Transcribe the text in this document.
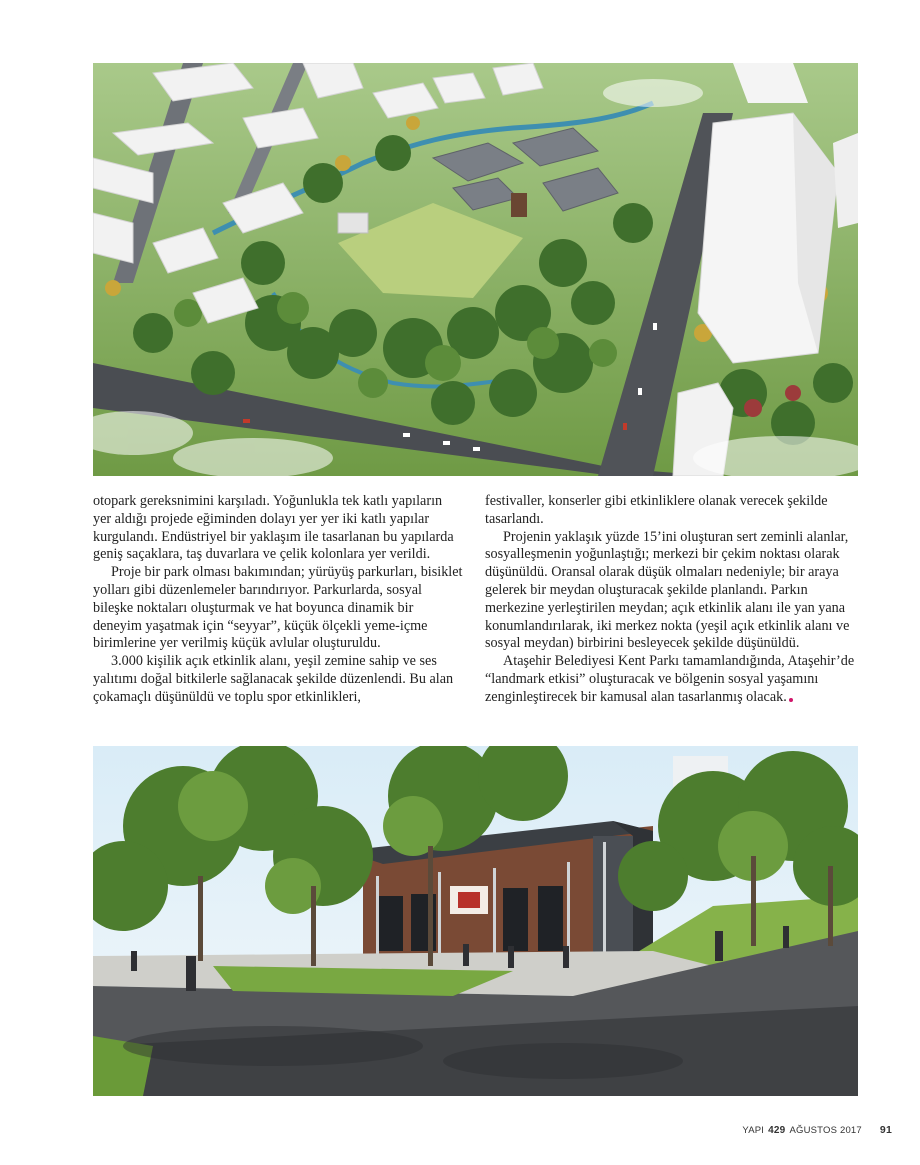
otopark gereksnimini karşıladı. Yoğunlukla tek katlı yapıların yer aldığı projede eğiminden dolayı yer yer iki katlı yapılar kurgulandı. Endüstriyel bir yaklaşım ile tasarlanan bu yapılarda geniş saçaklara, taş duvarlara ve çelik kolonlara yer verildi.

Proje bir park olması bakımından; yürüyüş parkurları, bisiklet yolları gibi düzenlemeler barındırıyor. Parkurlarda, sosyal bileşke noktaları oluşturmak ve hat boyunca dinamik bir deneyim yaşatmak için “seyyar”, küçük ölçekli yeme-içme birimlerine yer verilmiş küçük avlular oluşturuldu.

3.000 kişilik açık etkinlik alanı, yeşil zemine sahip ve ses yalıtımı doğal bitkilerle sağlanacak şekilde düzenlendi. Bu alan çokamaçlı düşünüldü ve toplu spor etkinlikleri,

festivaller, konserler gibi etkinliklere olanak verecek şekilde tasarlandı.

Projenin yaklaşık yüzde 15’ini oluşturan sert zeminli alanlar, sosyalleşmenin yoğunlaştığı; merkezi bir çekim noktası olarak düşünüldü. Oransal olarak düşük olmaları nedeniyle; bir araya gelerek bir meydan oluşturacak şekilde planlandı. Parkın merkezine yerleştirilen meydan; açık etkinlik alanı ile yan yana konumlandırılarak, iki merkez nokta (yeşil açık etkinlik alanı ve sosyal meydan) birbirini besleyecek şekilde düşünüldü.

Ataşehir Belediyesi Kent Parkı tamamlandığında, Ataşehir’de “landmark etkisi” oluşturacak ve bölgenin sosyal yaşamını zenginleştirecek bir kamusal alan tasarlanmış olacak.

YAPI 429 AĞUSTOS 2017 91
